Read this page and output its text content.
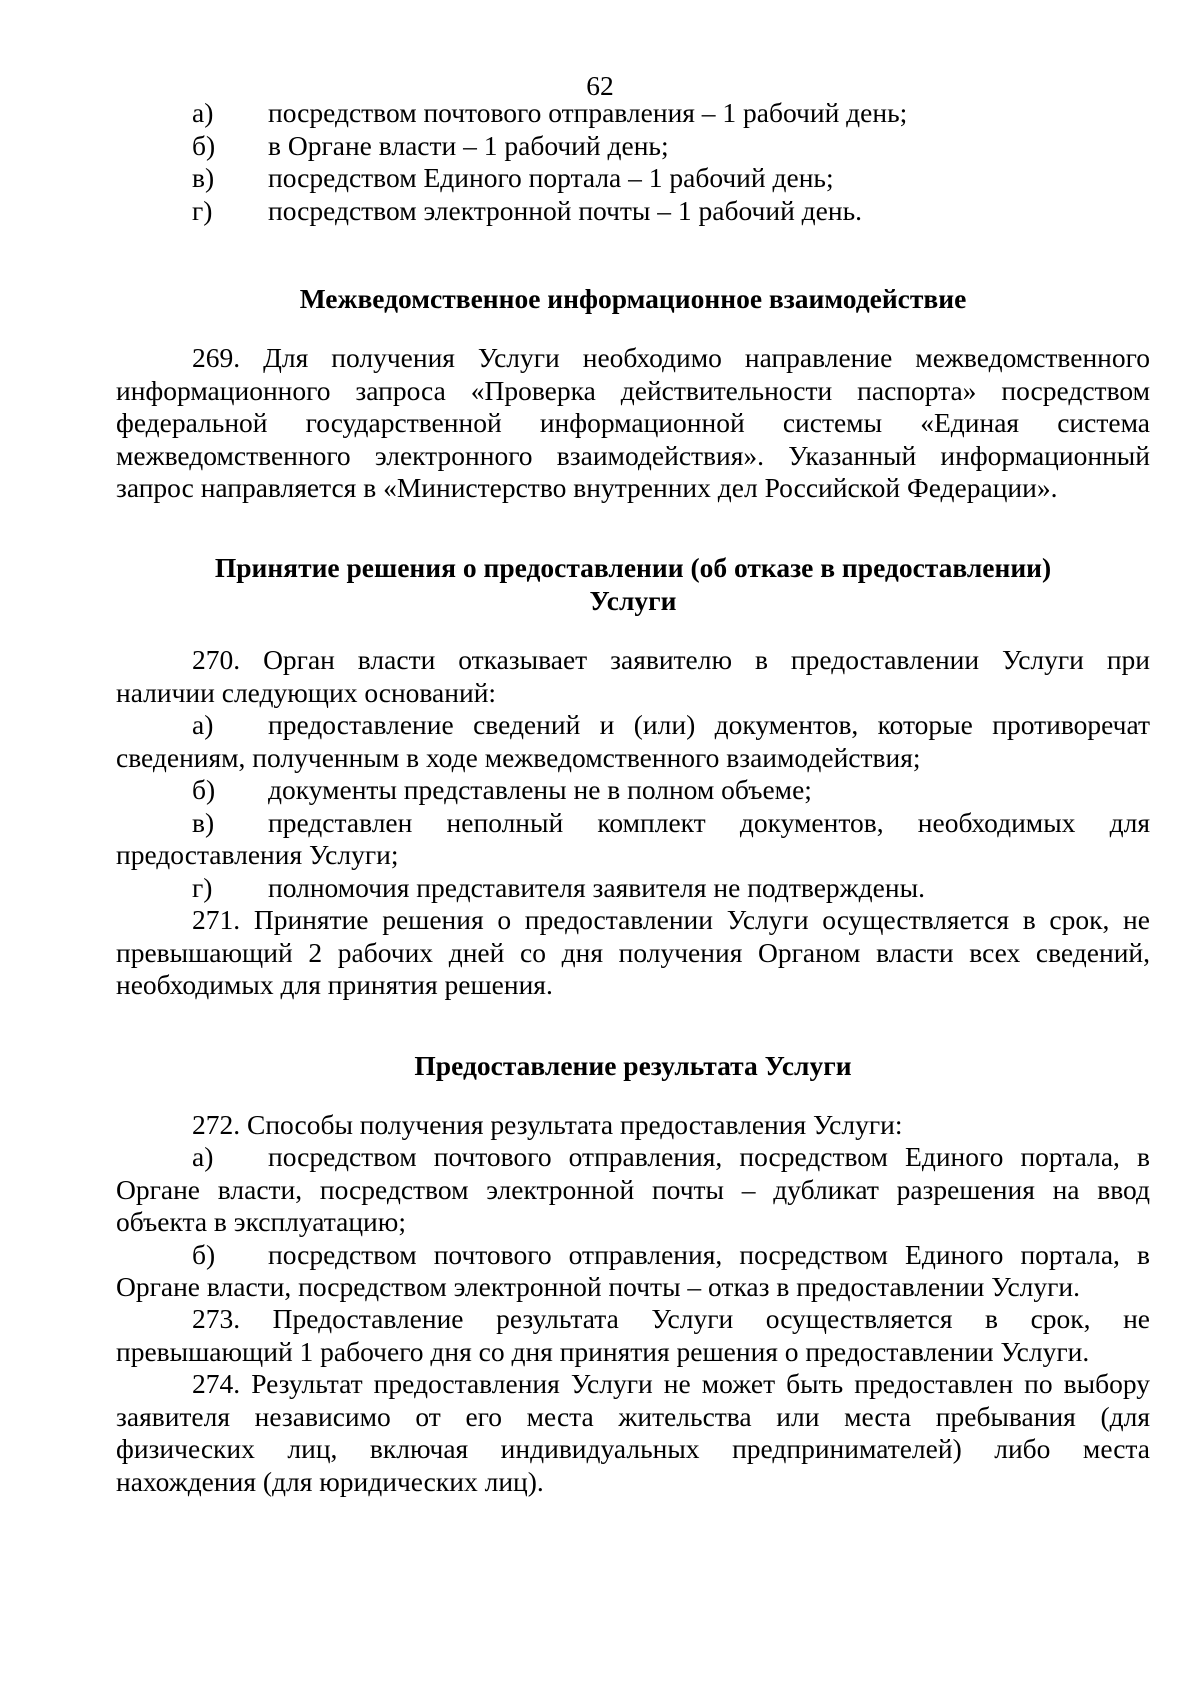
62
а) посредством почтового отправления – 1 рабочий день;
б) в Органе власти – 1 рабочий день;
в) посредством Единого портала – 1 рабочий день;
г) посредством электронной почты – 1 рабочий день.
Межведомственное информационное взаимодействие
269. Для получения Услуги необходимо направление межведомственного
информационного запроса «Проверка действительности паспорта» посредством
федеральной государственной информационной системы «Единая система
межведомственного электронного взаимодействия». Указанный информационный
запрос направляется в «Министерство внутренних дел Российской Федерации».
Принятие решения о предоставлении (об отказе в предоставлении)
Услуги
270. Орган власти отказывает заявителю в предоставлении Услуги при
наличии следующих оснований:
а) предоставление сведений и (или) документов, которые противоречат
сведениям, полученным в ходе межведомственного взаимодействия;
б) документы представлены не в полном объеме;
в) представлен неполный комплект документов, необходимых для
предоставления Услуги;
г) полномочия представителя заявителя не подтверждены.
271. Принятие решения о предоставлении Услуги осуществляется в срок, не
превышающий 2 рабочих дней со дня получения Органом власти всех сведений,
необходимых для принятия решения.
Предоставление результата Услуги
272. Способы получения результата предоставления Услуги:
а) посредством почтового отправления, посредством Единого портала, в
Органе власти, посредством электронной почты – дубликат разрешения на ввод
объекта в эксплуатацию;
б) посредством почтового отправления, посредством Единого портала, в
Органе власти, посредством электронной почты – отказ в предоставлении Услуги.
273. Предоставление результата Услуги осуществляется в срок, не
превышающий 1 рабочего дня со дня принятия решения о предоставлении Услуги.
274. Результат предоставления Услуги не может быть предоставлен по выбору
заявителя независимо от его места жительства или места пребывания (для
физических лиц, включая индивидуальных предпринимателей) либо места
нахождения (для юридических лиц).
